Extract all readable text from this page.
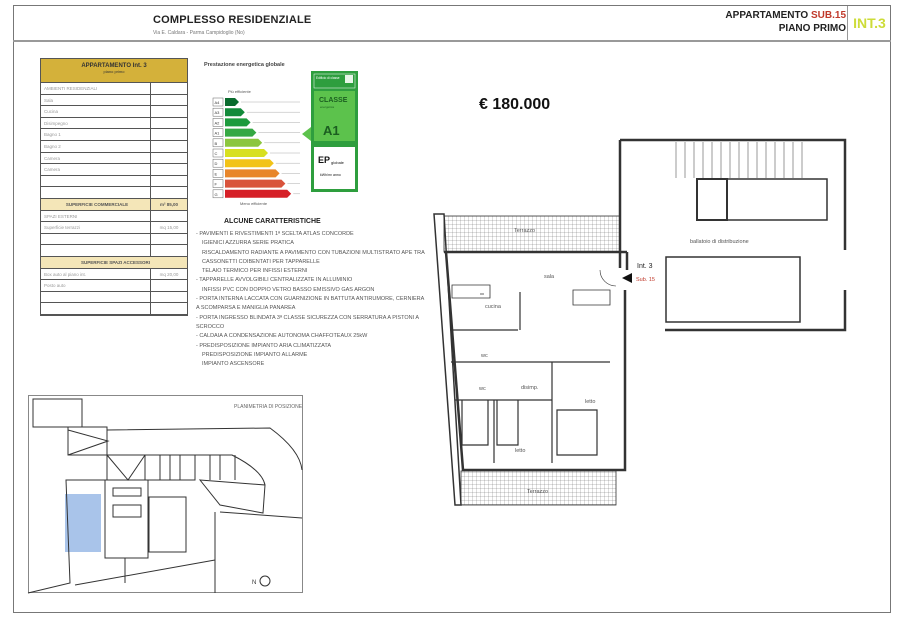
COMPLESSO RESIDENZIALE
Via E. Caldara - Parma Campidoglio (No)
APPARTAMENTO SUB.15
PIANO PRIMO INT.3
APPARTAMENTO Int. 3
piano primo
AMBIENTI RESIDENZIALI
Sala
Cucina
Disimpegno
Bagno 1
Bagno 2
Camera
Camera
SUPERFICIE COMMERCIALE	m² 85,00
SPAZI ESTERNI
Superficie terrazzi	mq 15,00
SUPERFICIE SPAZI ACCESSORI
Box auto al piano int.	mq 20,00
Posto auto
Prestazione energetica globale
€ 180.000
ALCUNE CARATTERISTICHE
- PAVIMENTI E RIVESTIMENTI 1ª SCELTA ATLAS CONCORDE
IGIENICI AZZURRA SERIE PRATICA
RISCALDAMENTO RADIANTE A PAVIMENTO CON TUBAZIONI MULTISTRATO APE TRA
CASSONETTI COIBENTATI PER TAPPARELLE
TELAIO TERMICO PER INFISSI ESTERNI
- TAPPARELLE AVVOLGIBILI CENTRALIZZATE IN ALLUMINIO
INFISSI PVC CON DOPPIO VETRO BASSO EMISSIVO GAS ARGON
- PORTA INTERNA LACCATA CON GUARNIZIONE IN BATTUTA ANTIRUMORE, CERNIERA A SCOMPARSA E MANIGLIA PANAREA
- PORTA INGRESSO BLINDATA 3ª CLASSE SICUREZZA CON SERRATURA A PISTONI A SCROCCO
- CALDAIA A CONDENSAZIONE AUTONOMA CHAFFOTEAUX 25kW
- PREDISPOSIZIONE IMPIANTO ARIA CLIMATIZZATA
PREDISPOSIZIONE IMPIANTO ALLARME
IMPIANTO ASCENSORE
PLANIMETRIA DI POSIZIONE
Più efficiente
Meno efficiente
Edificio di classe
CLASSE
energetica
A1
EP globale
kWh/m² anno
A4
A3
A2
A1
B
C
D
E
F
G
N
Terrazzo
Terrazzo
sala
cucina
wc
wc	disimp.
letto
letto
ballatoio di distribuzione
Int. 3
Sub. 15
